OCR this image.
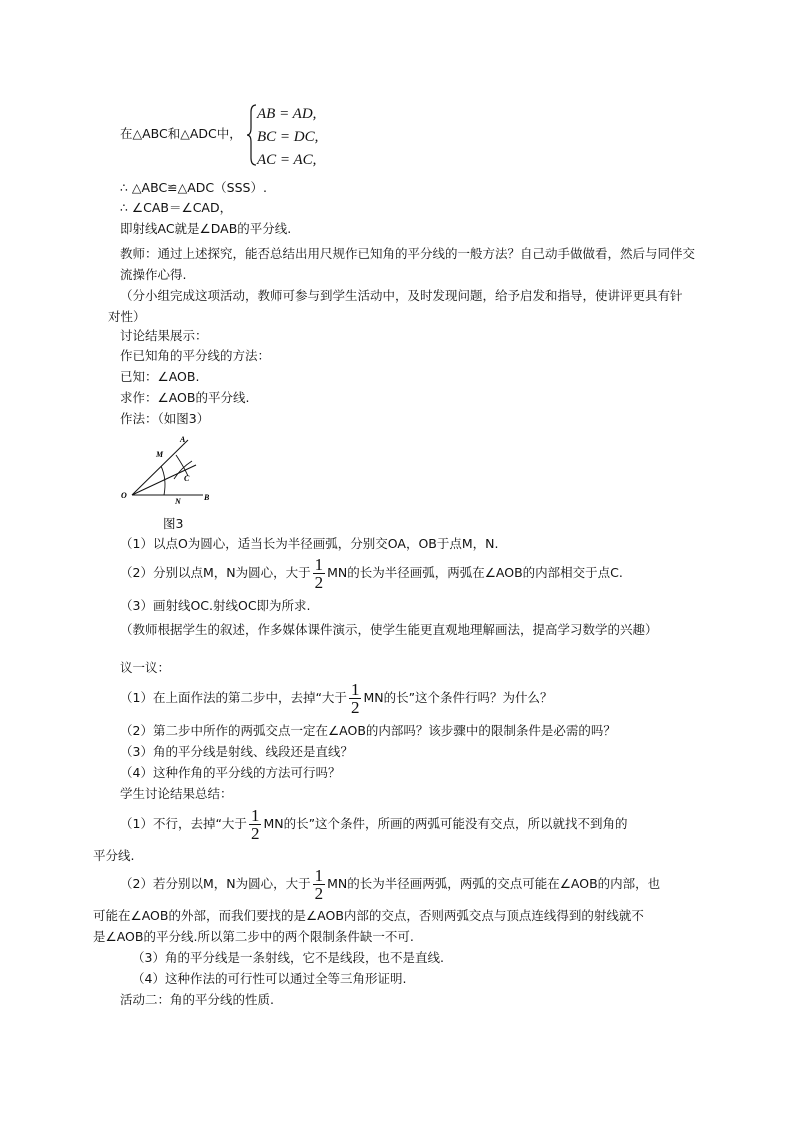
在△ABC和△ADC中，
AB = AD,
BC = DC,
AC = AC,
∴ △ABC≌△ADC（SSS）.
∴ ∠CAB＝∠CAD，
即射线AC就是∠DAB的平分线.
教师：通过上述探究，能否总结出用尺规作已知角的平分线的一般方法？自己动手做做看，然后与同伴交流操作心得.
（分小组完成这项活动，教师可参与到学生活动中，及时发现问题，给予启发和指导，使讲评更具有针对性）
讨论结果展示：
作已知角的平分线的方法：
已知：∠AOB.
求作：∠AOB的平分线.
作法：（如图3）
A
M
C
O
N	B
图3
（1）以点O为圆心，适当长为半径画弧，分别交OA，OB于点M，N.
（2）分别以点M，N为圆心，大于 $\frac{1}{2}$ MN的长为半径画弧，两弧在∠AOB的内部相交于点C.
（3）画射线OC.射线OC即为所求.
（教师根据学生的叙述，作多媒体课件演示，使学生能更直观地理解画法，提高学习数学的兴趣）
议一议：
（1）在上面作法的第二步中，去掉“大于 $\frac{1}{2}$ MN的长”这个条件行吗？为什么？
（2）第二步中所作的两弧交点一定在∠AOB的内部吗？该步骤中的限制条件是必需的吗？
（3）角的平分线是射线、线段还是直线？
（4）这种作角的平分线的方法可行吗？
学生讨论结果总结：
（1）不行，去掉“大于 $\frac{1}{2}$ MN的长”这个条件，所画的两弧可能没有交点，所以就找不到角的
平分线.
（2）若分别以M，N为圆心，大于 $\frac{1}{2}$ MN的长为半径画两弧，两弧的交点可能在∠AOB的内部，也
可能在∠AOB的外部，而我们要找的是∠AOB内部的交点，否则两弧交点与顶点连线得到的射线就不
是∠AOB的平分线.所以第二步中的两个限制条件缺一不可.
（3）角的平分线是一条射线，它不是线段，也不是直线.
（4）这种作法的可行性可以通过全等三角形证明.
活动二：角的平分线的性质.
